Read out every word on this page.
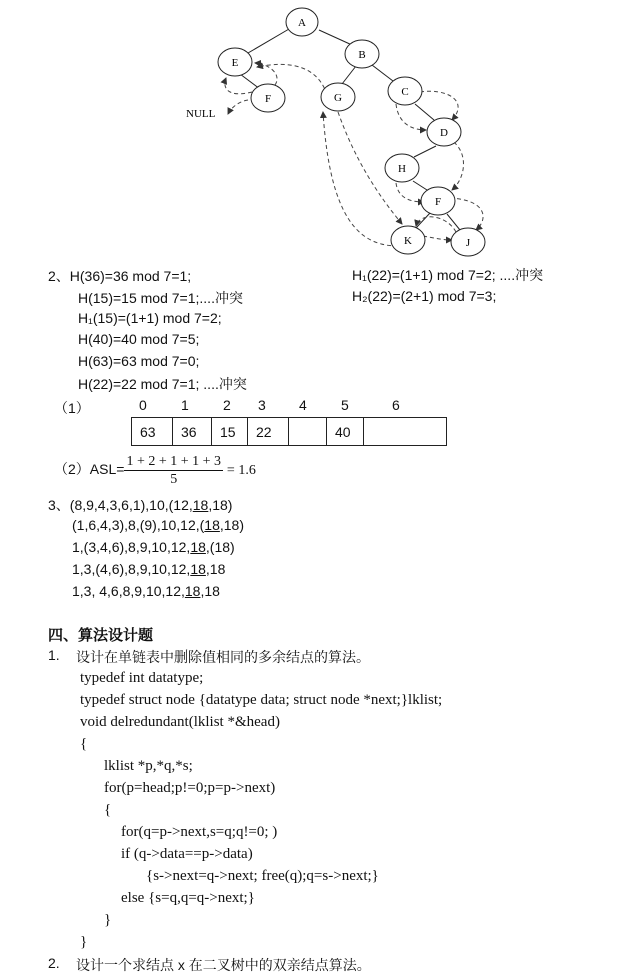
A
E
B
F	G	C
D
H
F
K	J
NULL
2、H(36)=36 mod 7=1;
H(15)=15 mod 7=1;....冲突
H₁(15)=(1+1) mod 7=2;
H(40)=40 mod 7=5;
H(63)=63 mod 7=0;
H(22)=22 mod 7=1; ....冲突
H₁(22)=(1+1) mod 7=2; ....冲突
H₂(22)=(2+1) mod 7=3;
（1）	0 1 2 3 4 5	6
63	36	15	22		40	
$(2)ASL= \frac{1 + 2 + 1 + 1 + 3}{5} = 1.6$
3、(8,9,4,3,6,1),10,(12,18,18)
(1,6,4,3),8,(9),10,12,(18,18)
1,(3,4,6),8,9,10,12,18,(18)
1,3,(4,6),8,9,10,12,18,18
1,3, 4,6,8,9,10,12,18,18
四、算法设计题
1. 设计在单链表中删除值相同的多余结点的算法。
typedef int datatype;
typedef struct node {datatype data; struct node *next;}lklist;
void delredundant(lklist *&head)
{
lklist *p,*q,*s;
for(p=head;p!=0;p=p->next)
{
for(q=p->next,s=q;q!=0; )
if (q->data==p->data)
{s->next=q->next; free(q);q=s->next;}
else {s=q,q=q->next;}
}
}
2. 设计一个求结点 x 在二叉树中的双亲结点算法。
